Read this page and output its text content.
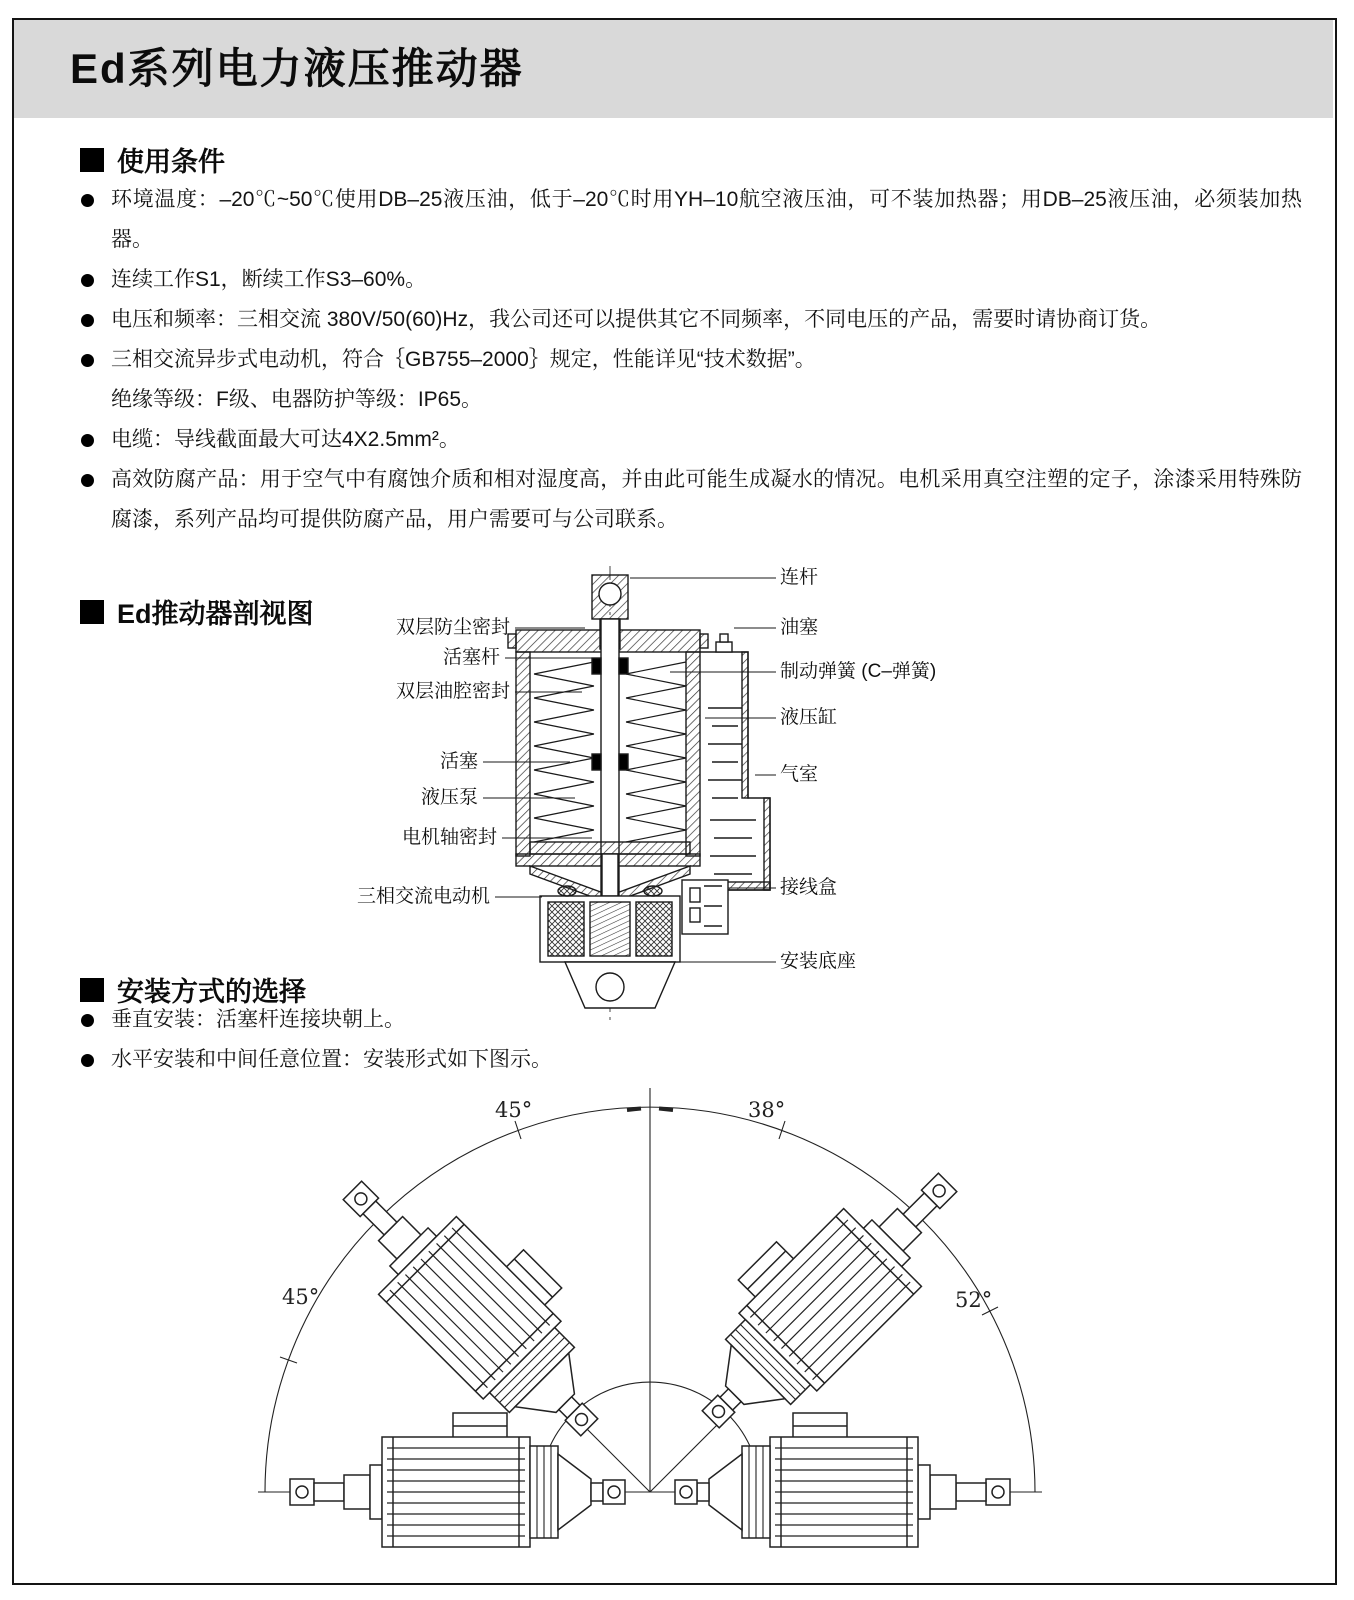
Ed系列电力液压推动器
使用条件
环境温度：–20℃~50℃使用DB–25液压油，低于–20℃时用YH–10航空液压油，可不装加热器；用DB–25液压油，必须装加热器。
连续工作S1，断续工作S3–60%。
电压和频率：三相交流 380V/50(60)Hz，我公司还可以提供其它不同频率，不同电压的产品，需要时请协商订货。
三相交流异步式电动机，符合｛GB755–2000｝规定，性能详见“技术数据”。
绝缘等级：F级、电器防护等级：IP65。
电缆：导线截面最大可达4X2.5mm²。
高效防腐产品：用于空气中有腐蚀介质和相对湿度高，并由此可能生成凝水的情况。电机采用真空注塑的定子，涂漆采用特殊防腐漆，系列产品均可提供防腐产品，用户需要可与公司联系。
Ed推动器剖视图	双层防尘密封
活塞杆
双层油腔密封
活塞
液压泵
电机轴密封
三相交流电动机
连杆
油塞
制动弹簧 (C–弹簧)
液压缸
气室
接线盒
安装底座
安装方式的选择
垂直安装：活塞杆连接块朝上。
水平安装和中间任意位置：安装形式如下图示。
45°	38°
45°	52°
